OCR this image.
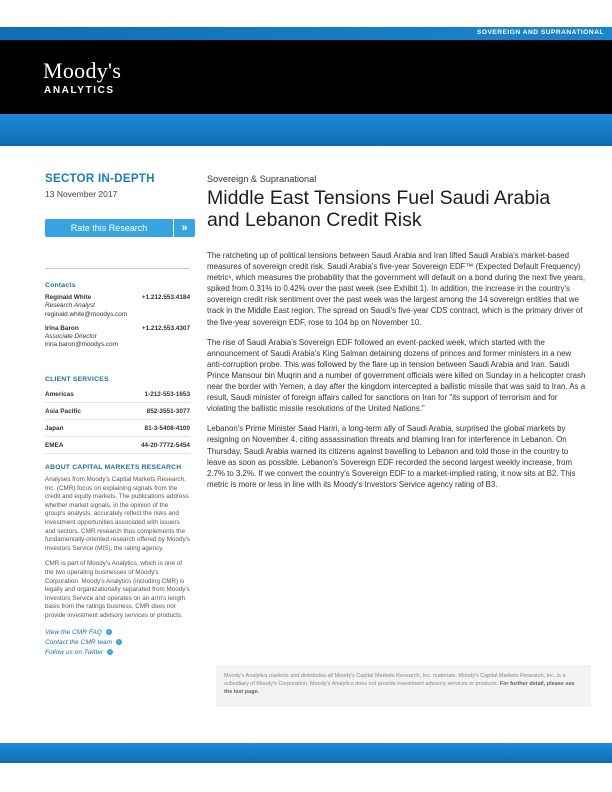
SOVEREIGN AND SUPRANATIONAL
Moody's
ANALYTICS
SECTOR IN-DEPTH
13 November 2017
Rate this Research	»
Contacts
Reginald White	+1.212.553.4184
Research Analyst
reginald.white@moodys.com
Irina Baron	+1.212.553.4307
Associate Director
irina.baron@moodys.com
CLIENT SERVICES
Americas	1-212-553-1653
Asia Pacific	852-3551-3077
Japan	81-3-5408-4100
EMEA	44-20-7772-5454
ABOUT CAPITAL MARKETS RESEARCH

Analyses from Moody's Capital Markets Research, Inc. (CMR) focus on explaining signals from the credit and equity markets. The publications address whether market signals, in the opinion of the group's analysts, accurately reflect the risks and investment opportunities associated with issuers and sectors. CMR research thus complements the fundamentally-oriented research offered by Moody's Investors Service (MIS), the rating agency.

CMR is part of Moody's Analytics, which is one of the two operating businesses of Moody's Corporation. Moody's Analytics (including CMR) is legally and organizationally separated from Moody's Investors Service and operates on an arm's length basis from the ratings business. CMR does not provide investment advisory services or products.

View the CMR FAQ ›
Contact the CMR team ›
Follow us on Twitter ›
Sovereign & Supranational
Middle East Tensions Fuel Saudi Arabia and Lebanon Credit Risk

The ratcheting up of political tensions between Saudi Arabia and Iran lifted Saudi Arabia's market-based measures of sovereign credit risk. Saudi Arabia's five-year Sovereign EDF™ (Expected Default Frequency) metric¹, which measures the probability that the government will default on a bond during the next five years, spiked from 0.31% to 0.42% over the past week (see Exhibit 1). In addition, the increase in the country's sovereign credit risk sentiment over the past week was the largest among the 14 sovereign entities that we track in the Middle East region. The spread on Saudi's five-year CDS contract, which is the primary driver of the five-year sovereign EDF, rose to 104 bp on November 10.

The rise of Saudi Arabia's Sovereign EDF followed an event-packed week, which started with the announcement of Saudi Arabia's King Salman detaining dozens of princes and former ministers in a new anti-corruption probe. This was followed by the flare up in tension between Saudi Arabia and Iran. Saudi Prince Mansour bin Muqrin and a number of government officials were killed on Sunday in a helicopter crash near the border with Yemen, a day after the kingdom intercepted a ballistic missile that was said to Iran. As a result, Saudi minister of foreign affairs called for sanctions on Iran for "its support of terrorism and for violating the ballistic missile resolutions of the United Nations."

Lebanon's Prime Minister Saad Hariri, a long-term ally of Saudi Arabia, surprised the global markets by resigning on November 4, citing assassination threats and blaming Iran for interference in Lebanon. On Thursday, Saudi Arabia warned its citizens against travelling to Lebanon and told those in the country to leave as soon as possible. Lebanon's Sovereign EDF recorded the second largest weekly increase, from 2.7% to 3.2%. If we convert the country's Sovereign EDF to a market-implied rating, it now sits at B2. This metric is more or less in line with its Moody's Investors Service agency rating of B3.

Moody's Analytics markets and distributes all Moody's Capital Markets Research, Inc. materials. Moody's Capital Markets Research, Inc. is a subsidiary of Moody's Corporation. Moody's Analytics does not provide investment advisory services or products. For further detail, please see the last page.
